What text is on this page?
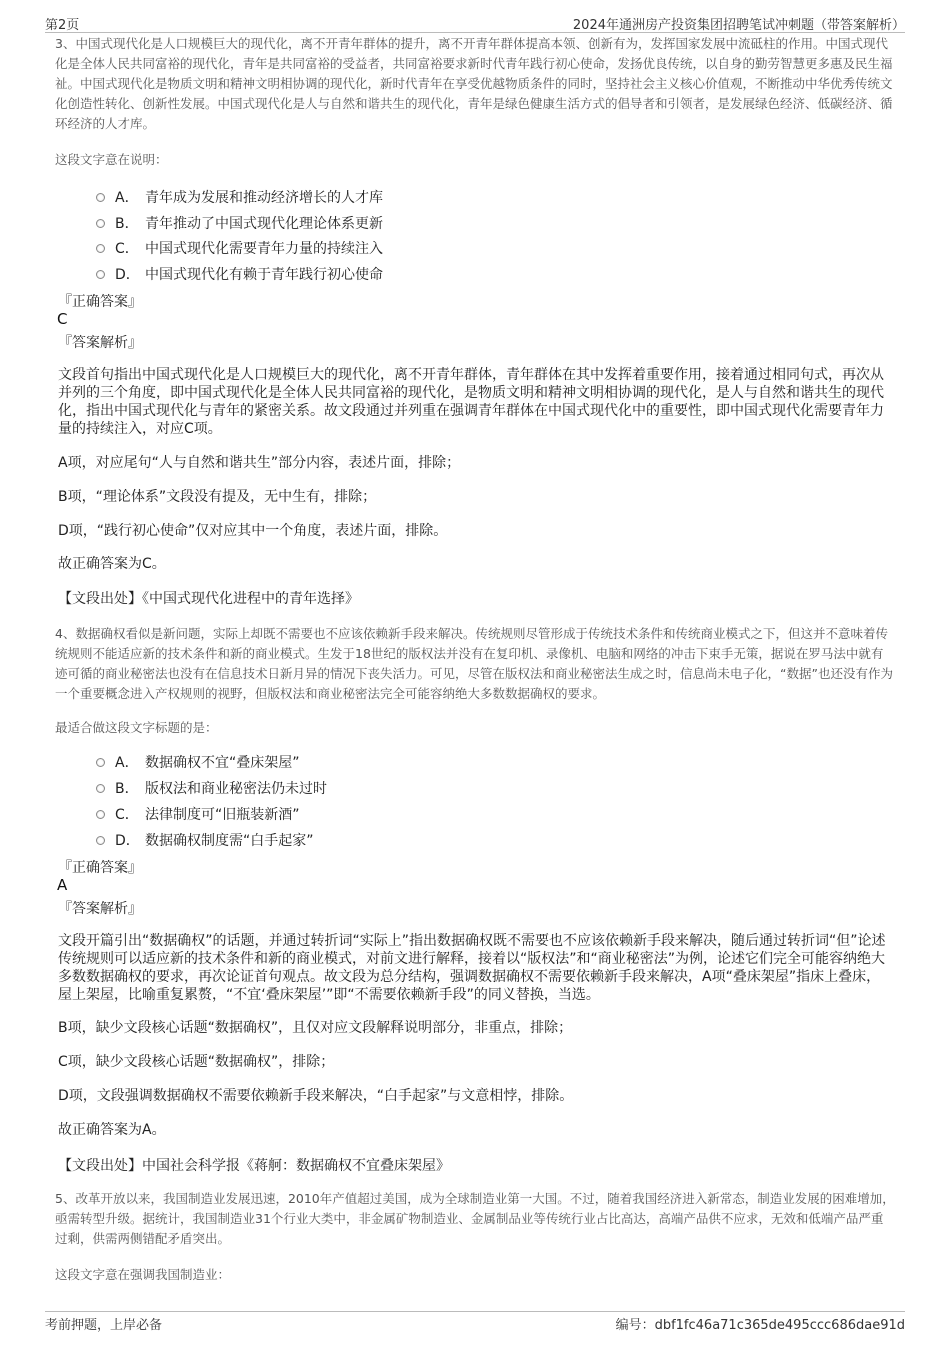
第2页	2024年通洲房产投资集团招聘笔试冲刺题（带答案解析）

3、中国式现代化是人口规模巨大的现代化，离不开青年群体的提升，离不开青年群体提高本领、创新有为，发挥国家发展中流砥柱的作用。中国式现代化是全体人民共同富裕的现代化，青年是共同富裕的受益者，共同富裕要求新时代青年践行初心使命，发扬优良传统，以自身的勤劳智慧更多惠及民生福祉。中国式现代化是物质文明和精神文明相协调的现代化，新时代青年在享受优越物质条件的同时，坚持社会主义核心价值观，不断推动中华优秀传统文化创造性转化、创新性发展。中国式现代化是人与自然和谐共生的现代化，青年是绿色健康生活方式的倡导者和引领者，是发展绿色经济、低碳经济、循环经济的人才库。

这段文字意在说明：
A． 青年成为发展和推动经济增长的人才库
B． 青年推动了中国式现代化理论体系更新
C． 中国式现代化需要青年力量的持续注入
D． 中国式现代化有赖于青年践行初心使命
『正确答案』
C
『答案解析』

文段首句指出中国式现代化是人口规模巨大的现代化，离不开青年群体，青年群体在其中发挥着重要作用，接着通过相同句式，再次从并列的三个角度，即中国式现代化是全体人民共同富裕的现代化，是物质文明和精神文明相协调的现代化，是人与自然和谐共生的现代化，指出中国式现代化与青年的紧密关系。故文段通过并列重在强调青年群体在中国式现代化中的重要性，即中国式现代化需要青年力量的持续注入，对应C项。

A项，对应尾句“人与自然和谐共生”部分内容，表述片面，排除；

B项，“理论体系”文段没有提及，无中生有，排除；

D项，“践行初心使命”仅对应其中一个角度，表述片面，排除。

故正确答案为C。

【文段出处】《中国式现代化进程中的青年选择》

4、数据确权看似是新问题，实际上却既不需要也不应该依赖新手段来解决。传统规则尽管形成于传统技术条件和传统商业模式之下，但这并不意味着传统规则不能适应新的技术条件和新的商业模式。生发于18世纪的版权法并没有在复印机、录像机、电脑和网络的冲击下束手无策，据说在罗马法中就有迹可循的商业秘密法也没有在信息技术日新月异的情况下丧失活力。可见，尽管在版权法和商业秘密法生成之时，信息尚未电子化，“数据”也还没有作为一个重要概念进入产权规则的视野，但版权法和商业秘密法完全可能容纳绝大多数数据确权的要求。

最适合做这段文字标题的是：
A． 数据确权不宜“叠床架屋”
B． 版权法和商业秘密法仍未过时
C． 法律制度可“旧瓶装新酒”
D． 数据确权制度需“白手起家”
『正确答案』
A
『答案解析』

文段开篇引出“数据确权”的话题，并通过转折词“实际上”指出数据确权既不需要也不应该依赖新手段来解决，随后通过转折词“但”论述传统规则可以适应新的技术条件和新的商业模式，对前文进行解释，接着以“版权法”和“商业秘密法”为例，论述它们完全可能容纳绝大多数数据确权的要求，再次论证首句观点。故文段为总分结构，强调数据确权不需要依赖新手段来解决，A项“叠床架屋”指床上叠床，屋上架屋，比喻重复累赘，“不宜‘叠床架屋’”即“不需要依赖新手段”的同义替换，当选。

B项，缺少文段核心话题“数据确权”，且仅对应文段解释说明部分，非重点，排除；

C项，缺少文段核心话题“数据确权”，排除；

D项，文段强调数据确权不需要依赖新手段来解决，“白手起家”与文意相悖，排除。

故正确答案为A。

【文段出处】中国社会科学报《蒋舸：数据确权不宜叠床架屋》

5、改革开放以来，我国制造业发展迅速，2010年产值超过美国，成为全球制造业第一大国。不过，随着我国经济进入新常态，制造业发展的困难增加，亟需转型升级。据统计，我国制造业31个行业大类中，非金属矿物制造业、金属制品业等传统行业占比高达，高端产品供不应求，无效和低端产品严重过剩，供需两侧错配矛盾突出。

这段文字意在强调我国制造业：
考前押题，上岸必备	编号：dbf1fc46a71c365de495ccc686dae91d
